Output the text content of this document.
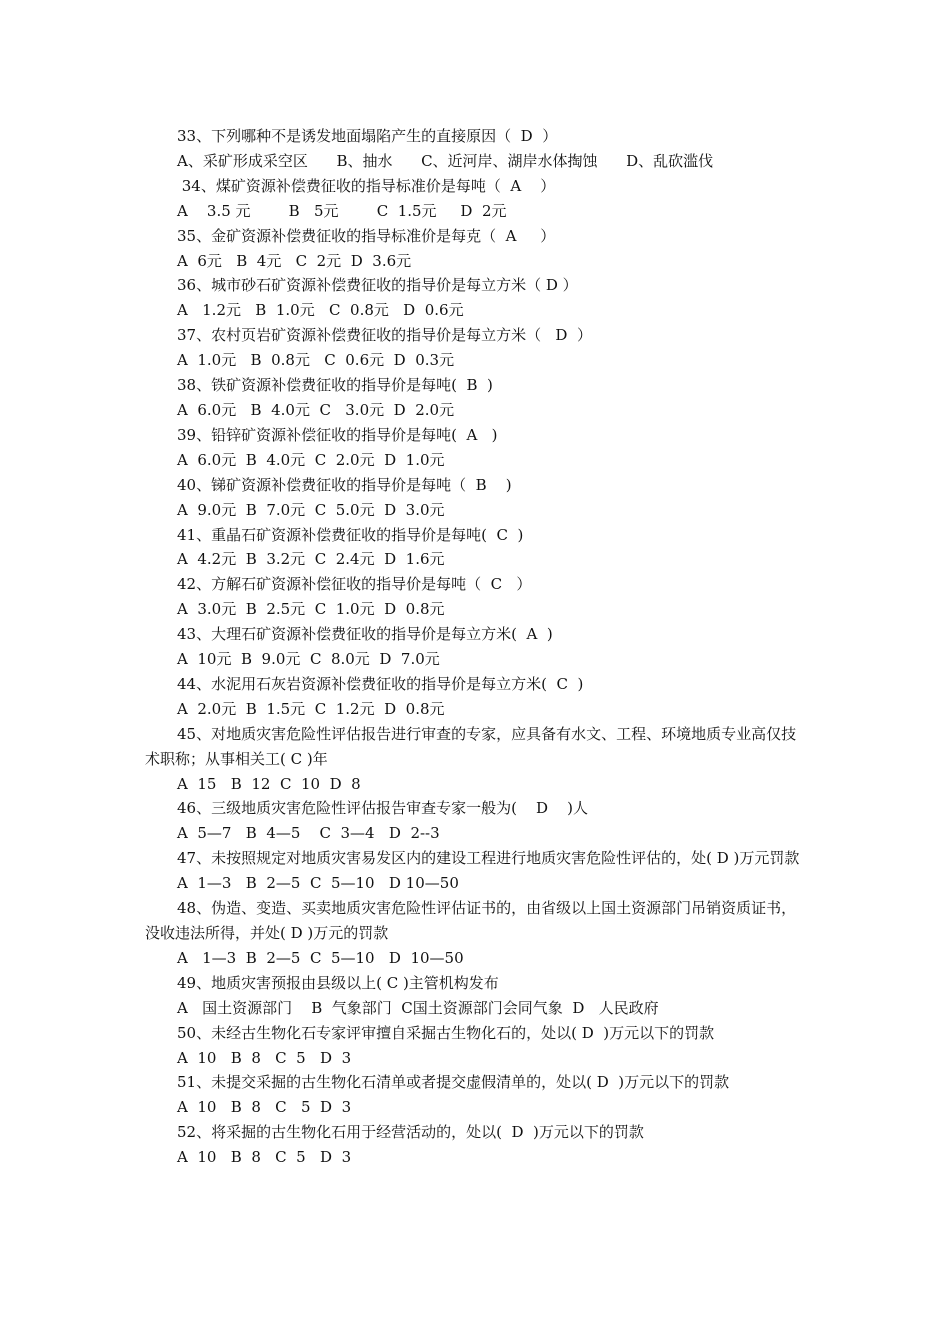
33、下列哪种不是诱发地面塌陷产生的直接原因（  D  ）
A、采矿形成采空区      B、抽水      C、近河岸、湖岸水体掏蚀      D、乱砍滥伐
34、煤矿资源补偿费征收的指导标准价是每吨（  A    ）
A    3.5 元        B   5元        C  1.5元     D  2元
35、金矿资源补偿费征收的指导标准价是每克（  A     ）
A  6元   B  4元   C  2元  D  3.6元
36、城市砂石矿资源补偿费征收的指导价是每立方米（ D ）
A   1.2元   B  1.0元   C  0.8元   D  0.6元
37、农村页岩矿资源补偿费征收的指导价是每立方米（   D  ）
A  1.0元   B  0.8元   C  0.6元  D  0.3元
38、铁矿资源补偿费征收的指导价是每吨(  B  )
A  6.0元   B  4.0元  C   3.0元  D  2.0元
39、铅锌矿资源补偿征收的指导价是每吨(  A   )
A  6.0元  B  4.0元  C  2.0元  D  1.0元
40、锑矿资源补偿费征收的指导价是每吨（  B    )
A  9.0元  B  7.0元  C  5.0元  D  3.0元
41、重晶石矿资源补偿费征收的指导价是每吨(  C  )
A  4.2元  B  3.2元  C  2.4元  D  1.6元
42、方解石矿资源补偿征收的指导价是每吨（  C   ）
A  3.0元  B  2.5元  C  1.0元  D  0.8元
43、大理石矿资源补偿费征收的指导价是每立方米(  A  )
A  10元  B  9.0元  C  8.0元  D  7.0元
44、水泥用石灰岩资源补偿费征收的指导价是每立方米(  C  )
A  2.0元  B  1.5元  C  1.2元  D  0.8元
45、对地质灾害危险性评估报告进行审查的专家，应具备有水文、工程、环境地质专业高仅技术职称；从事相关工( C )年
A  15   B  12  C  10  D  8
46、三级地质灾害危险性评估报告审查专家一般为(    D    )人
A  5—7   B  4—5    C  3—4   D  2--3
47、未按照规定对地质灾害易发区内的建设工程进行地质灾害危险性评估的，处( D )万元罚款
A  1—3   B  2—5  C  5—10   D 10—50
48、伪造、变造、买卖地质灾害危险性评估证书的，由省级以上国土资源部门吊销资质证书，没收违法所得，并处( D )万元的罚款
A   1—3  B  2—5  C  5—10   D  10—50
49、地质灾害预报由县级以上( C )主管机构发布
A   国土资源部门    B  气象部门  C国土资源部门会同气象  D   人民政府
50、未经古生物化石专家评审擅自采掘古生物化石的，处以( D  )万元以下的罚款
A  10   B  8   C  5   D  3
51、未提交采掘的古生物化石清单或者提交虚假清单的，处以( D  )万元以下的罚款
A  10   B  8   C   5  D  3
52、将采掘的古生物化石用于经营活动的，处以(  D  )万元以下的罚款
A  10   B  8   C  5   D  3
